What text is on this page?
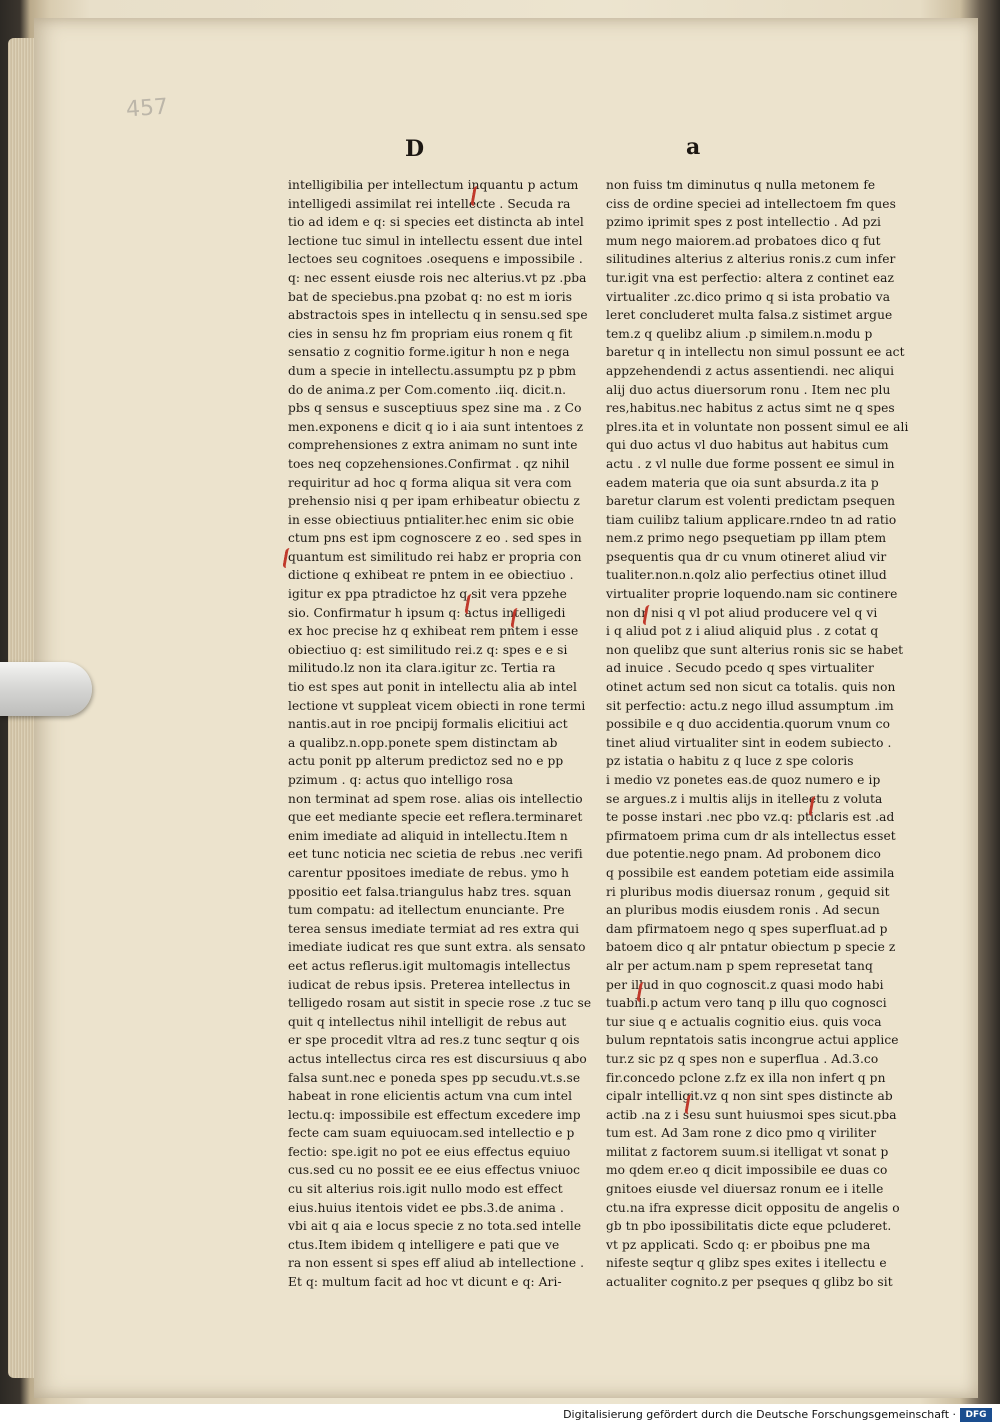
457
D	a
intelligibilia per intellectum inquantu p actum
intelligedi assimilat rei intellecte . Secuda ra
tio ad idem e q: si species eet distincta ab intel
lectione tuc simul in intellectu essent due intel
lectoes seu cognitoes .osequens e impossibile .
q: nec essent eiusde rois nec alterius.vt pz .pba
bat de speciebus.pna pzobat q: no est m ioris
abstractois spes in intellectu q in sensu.sed spe
cies in sensu hz fm propriam eius ronem q fit
sensatio z cognitio forme.igitur h non e nega
dum a specie in intellectu.assumptu pz p pbm
do de anima.z per Com.comento .iiq. dicit.n.
pbs q sensus e susceptiuus spez sine ma . z Co
men.exponens e dicit q io i aia sunt intentoes z
comprehensiones z extra animam no sunt inte
toes neq copzehensiones.Confirmat . qz nihil
requiritur ad hoc q forma aliqua sit vera com
prehensio nisi q per ipam erhibeatur obiectu z
in esse obiectiuus pntialiter.hec enim sic obie
ctum pns est ipm cognoscere z eo . sed spes in
quantum est similitudo rei habz er propria con
dictione q exhibeat re pntem in ee obiectiuo .
igitur ex ppa ptradictoe hz q sit vera ppzehe
sio. Confirmatur h ipsum q: actus intelligedi
ex hoc precise hz q exhibeat rem pntem i esse
obiectiuo q: est similitudo rei.z q: spes e e si
militudo.lz non ita clara.igitur zc. Tertia ra
tio est spes aut ponit in intellectu alia ab intel
lectione vt suppleat vicem obiecti in rone termi
nantis.aut in roe pncipij formalis elicitiui act
a qualibz.n.opp.ponete spem distinctam ab
actu ponit pp alterum predictoz sed no e pp
pzimum . q: actus quo intelligo rosa
non terminat ad spem rose. alias ois intellectio
que eet mediante specie eet reflera.terminaret
enim imediate ad aliquid in intellectu.Item n
eet tunc noticia nec scietia de rebus .nec verifi
carentur ppositoes imediate de rebus. ymo h
ppositio eet falsa.triangulus habz tres. squan
tum compatu: ad itellectum enunciante. Pre
terea sensus imediate termiat ad res extra qui
imediate iudicat res que sunt extra. als sensato
eet actus reflerus.igit multomagis intellectus
iudicat de rebus ipsis. Preterea intellectus in
telligedo rosam aut sistit in specie rose .z tuc se
quit q intellectus nihil intelligit de rebus aut
er spe procedit vltra ad res.z tunc seqtur q ois
actus intellectus circa res est discursiuus q abo
falsa sunt.nec e poneda spes pp secudu.vt.s.se
habeat in rone elicientis actum vna cum intel
lectu.q: impossibile est effectum excedere imp
fecte cam suam equiuocam.sed intellectio e p
fectio: spe.igit no pot ee eius effectus equiuo
cus.sed cu no possit ee ee eius effectus vniuoc
cu sit alterius rois.igit nullo modo est effect
eius.huius itentois videt ee pbs.3.de anima .
vbi ait q aia e locus specie z no tota.sed intelle
ctus.Item ibidem q intelligere e pati que ve
ra non essent si spes eff aliud ab intellectione .
Et q: multum facit ad hoc vt dicunt e q: Ari-
non fuiss tm diminutus q nulla metonem fe
ciss de ordine speciei ad intellectoem fm ques
pzimo iprimit spes z post intellectio . Ad pzi
mum nego maiorem.ad probatoes dico q fut
silitudines alterius z alterius ronis.z cum infer
tur.igit vna est perfectio: altera z continet eaz
virtualiter .zc.dico primo q si ista probatio va
leret concluderet multa falsa.z sistimet argue
tem.z q quelibz alium .p similem.n.modu p
baretur q in intellectu non simul possunt ee act
appzehendendi z actus assentiendi. nec aliqui
alij duo actus diuersorum ronu . Item nec plu
res,habitus.nec habitus z actus simt ne q spes
plres.ita et in voluntate non possent simul ee ali
qui duo actus vl duo habitus aut habitus cum
actu . z vl nulle due forme possent ee simul in
eadem materia que oia sunt absurda.z ita p
baretur clarum est volenti predictam psequen
tiam cuilibz talium applicare.rndeo tn ad ratio
nem.z primo nego psequetiam pp illam ptem
psequentis qua dr cu vnum otineret aliud vir
tualiter.non.n.qolz alio perfectius otinet illud
virtualiter proprie loquendo.nam sic continere
non dr nisi q vl pot aliud producere vel q vi
i q aliud pot z i aliud aliquid plus . z cotat q
non quelibz que sunt alterius ronis sic se habet
ad inuice . Secudo pcedo q spes virtualiter
otinet actum sed non sicut ca totalis. quis non
sit perfectio: actu.z nego illud assumptum .im
possibile e q duo accidentia.quorum vnum co
tinet aliud virtualiter sint in eodem subiecto .
pz istatia o habitu z q luce z spe coloris
i medio vz ponetes eas.de quoz numero e ip
se argues.z i multis alijs in itelleetu z voluta
te posse instari .nec pbo vz.q: pticlaris est .ad
pfirmatoem prima cum dr als intellectus esset
due potentie.nego pnam. Ad probonem dico
q possibile est eandem potetiam eide assimila
ri pluribus modis diuersaz ronum , gequid sit
an pluribus modis eiusdem ronis . Ad secun
dam pfirmatoem nego q spes superfluat.ad p
batoem dico q alr pntatur obiectum p specie z
alr per actum.nam p spem represetat tanq
per illud in quo cognoscit.z quasi modo habi
tuabili.p actum vero tanq p illu quo cognosci
tur siue q e actualis cognitio eius. quis voca
bulum repntatois satis incongrue actui applice
tur.z sic pz q spes non e superflua . Ad.3.co
fir.concedo pclone z.fz ex illa non infert q pn
cipalr intelligit.vz q non sint spes distincte ab
actib .na z i sesu sunt huiusmoi spes sicut.pba
tum est. Ad 3am rone z dico pmo q viriliter
militat z factorem suum.si itelligat vt sonat p
mo qdem er.eo q dicit impossibile ee duas co
gnitoes eiusde vel diuersaz ronum ee i itelle
ctu.na ifra expresse dicit oppositu de angelis o
gb tn pbo ipossibilitatis dicte eque pcluderet.
vt pz applicati. Scdo q: er pboibus pne ma
nifeste seqtur q glibz spes exites i itellectu e
actualiter cognito.z per pseques q glibz bo sit
Digitalisierung gefördert durch die Deutsche Forschungsgemeinschaft ·	DFG
